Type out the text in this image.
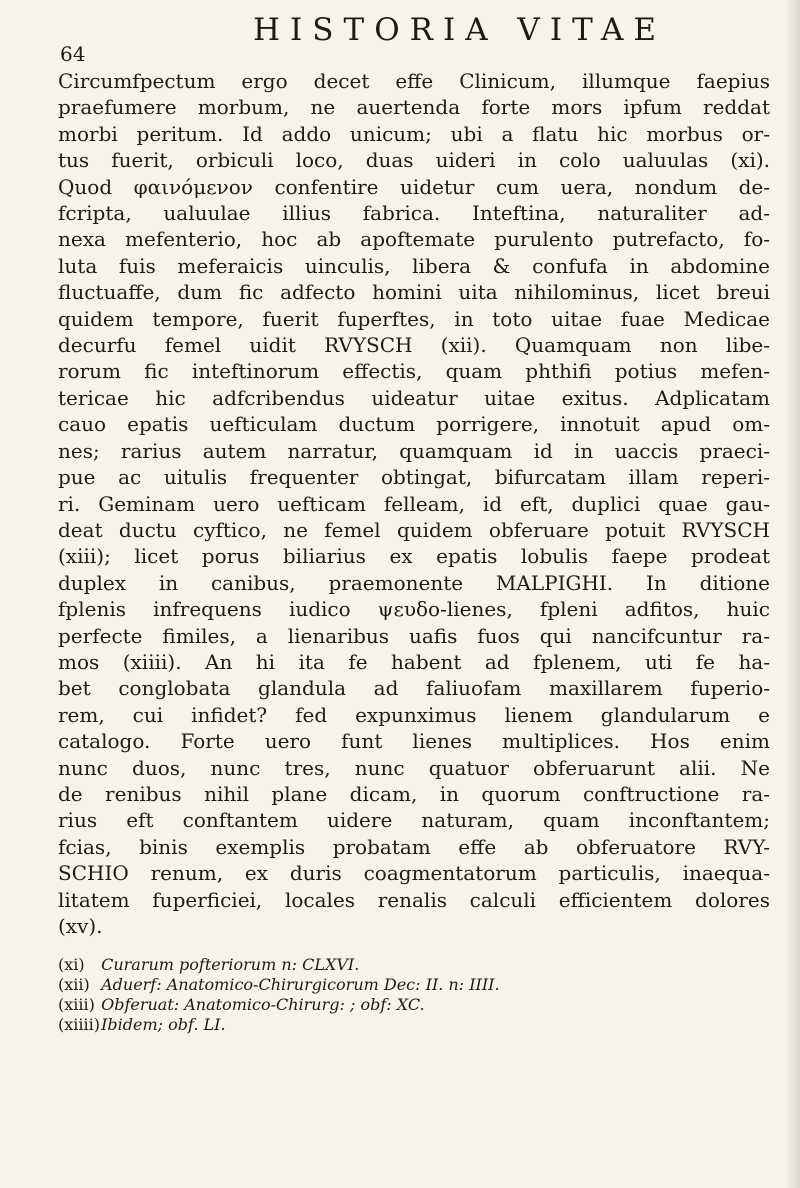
64
HISTORIA VITAE

Circumfpectum ergo decet effe Clinicum, illumque faepius
praefumere morbum, ne auertenda forte mors ipfum reddat
morbi peritum. Id addo unicum; ubi a flatu hic morbus or-
tus fuerit, orbiculi loco, duas uideri in colo ualuulas (xi).
Quod φαινόμενον confentire uidetur cum uera, nondum de-
fcripta, ualuulae illius fabrica. Inteftina, naturaliter ad-
nexa mefenterio, hoc ab apoftemate purulento putrefacto, fo-
luta fuis meferaicis uinculis, libera & confufa in abdomine
fluctuaffe, dum fic adfecto homini uita nihilominus, licet breui
quidem tempore, fuerit fuperftes, in toto uitae fuae Medicae
decurfu femel uidit RVYSCH (xii). Quamquam non libe-
rorum fic inteftinorum effectis, quam phthifi potius mefen-
tericae hic adfcribendus uideatur uitae exitus. Adplicatam
cauo epatis uefticulam ductum porrigere, innotuit apud om-
nes; rarius autem narratur, quamquam id in uaccis praeci-
pue ac uitulis frequenter obtingat, bifurcatam illam reperi-
ri. Geminam uero uefticam felleam, id eft, duplici quae gau-
deat ductu cyftico, ne femel quidem obferuare potuit RVYSCH
(xiii); licet porus biliarius ex epatis lobulis faepe prodeat
duplex in canibus, praemonente MALPIGHI. In ditione
fplenis infrequens iudico ψευδο-lienes, fpleni adfitos, huic
perfecte fimiles, a lienaribus uafis fuos qui nancifcuntur ra-
mos (xiiii). An hi ita fe habent ad fplenem, uti fe ha-
bet conglobata glandula ad faliuofam maxillarem fuperio-
rem, cui infidet? fed expunximus lienem glandularum e
catalogo. Forte uero funt lienes multiplices. Hos enim
nunc duos, nunc tres, nunc quatuor obferuarunt alii. Ne
de renibus nihil plane dicam, in quorum conftructione ra-
rius eft conftantem uidere naturam, quam inconftantem;
fcias, binis exemplis probatam effe ab obferuatore RVY-
SCHIO renum, ex duris coagmentatorum particulis, inaequa-
litatem fuperficiei, locales renalis calculi efficientem dolores
(xv).

(xi) Curarum pofteriorum n: CLXVI.
(xii) Aduerf: Anatomico-Chirurgicorum Dec: II. n: IIII.
(xiii) Obferuat: Anatomico-Chirurg: ; obf: XC.
(xiiii) Ibidem; obf. LI.
